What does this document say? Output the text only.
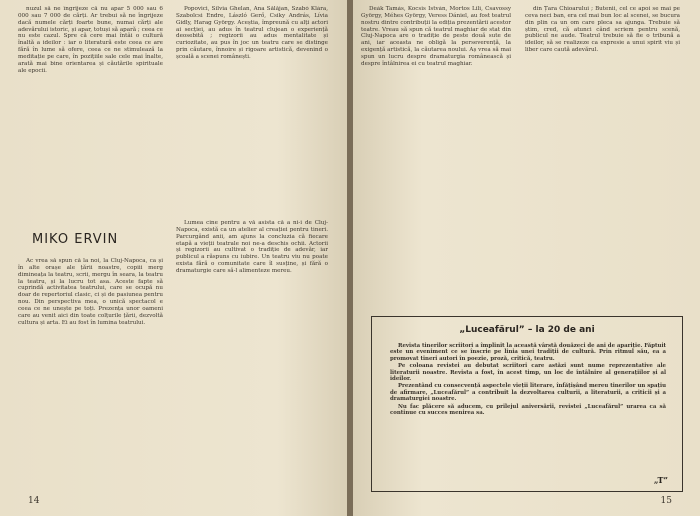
nuzul să ne îngrijeze că nu apar 5 000 sau 6 000 sau 7 000 de cărți. Ar trebui să ne îngrijeze dacă numele cărți foarte bune, numai cărți ale adevărului istoric, și apar, totuși să apară ; ceea ce nu este cazul. Spre că cere mai întâi o cultură înaltă a ideilor : iar o literatură este ceea ce are fără în lume să ofere, ceea ce ne stimulează la meditație pe care, în pozițiile sale cele mai înalte, arată mai bine orientarea și căutările spirituale ale epocii.

Popovici, Silvia Ghelan, Ana Sălăjan, Szabó Klára, Szabolcsi Endre, László Gerő, Csiky András, Lívia Gidly, Harag György. Aceștia, împreună cu alți actori ai secției, au adus în teatrul clujean o experiență deosebită ; regizorii au adus mentalitate și curiozitate, au pus în joc un teatru care se distinge prin căutare, înnoire și rigoare artistică, devenind o școală a scenei românești.

MIKO ERVIN

Ac vrea să spun că la noi, la Cluj-Napoca, ca și în alte orașe ale țării noastre, copiii merg dimineața la teatru, scrii, mergu în seara, la teatru la teatru, și la lucru tot asa. Aceste fapte să cuprindă activitatea teatrului, care se ocupă nu doar de repertoriul clasic, ci și de pasiunea pentru nou. Din perspectiva mea, o unică spectacol e ceea ce ne unește pe toți. Prezența unor oameni care au venit aici din toate colțurile țării, dezvoltă cultura și arta. Ei au fost în lumina teatrului.

Lumea cine pentru a vă asista că a ni-i de Cluj-Napoca, există ca un atelier al creației pentru tineri. Parcurgând anii, am ajuns la concluzia că fiecare etapă a vieții teatrale noi ne-a deschis ochii. Actorii și regizorii au cultivat o tradiție de adevăr, iar publicul a răspuns cu iubire. Un teatru viu nu poate exista fără o comunitate care îl susține, și fără o dramaturgie care să-l alimenteze mereu.

14

Deák Tamás, Kocsis István, Mortos Lili, Csavossy György, Méhes György, Veress Dániel, au fost teatrul nostru dintre contribuții la ediția prezentării acestor teatre. Vreau să spun că teatrul maghiar de stat din Cluj-Napoca are o tradiție de peste două sute de ani, iar aceasta ne obligă la perseverență, la exigență artistică, la căutarea noului. Aș vrea să mai spun un lucru despre dramaturgia românească și despre întâlnirea ei cu teatrul maghiar.

din Țara Chioarului ; Butenii, cel ce apoi se mai pe ceva neci ban, era cel mai bun loc al scenei, se bucura din plin ca un om care pleca sa ajunga. Trebuie să știm, cred, că atunci când scriem pentru scenă, publicul ne aude. Teatrul trebuie să fie o tribună a ideilor, să se realizeze ca expresie a unui spirit viu și liber care caută adevărul.

„Luceafărul” – la 20 de ani

Revista tinerilor scriitori a împlinit la această vârstă douăzeci de ani de apariție. Făptuit este un eveniment ce se înscrie pe linia unei tradiții de cultură. Prin ritmul său, ea a promovat tineri autori în poezie, proză, critică, teatru.

Pe coloana revistei au debutat scriitori care astăzi sunt nume reprezentative ale literaturii noastre. Revista a fost, în acest timp, un loc de întâlnire al generațiilor și al ideilor.

Prezentând cu consecvență aspectele vieții literare, înfățișând mereu tinerilor un spațiu de afirmare, „Luceafărul” a contribuit la dezvoltarea culturii, a literaturii, a criticii și a dramaturgiei noastre.

Nu fac plăcere să aducem, cu prilejul aniversării, revistei „Luceafărul” urarea ca să continue cu succes menirea sa.

„T”
15
